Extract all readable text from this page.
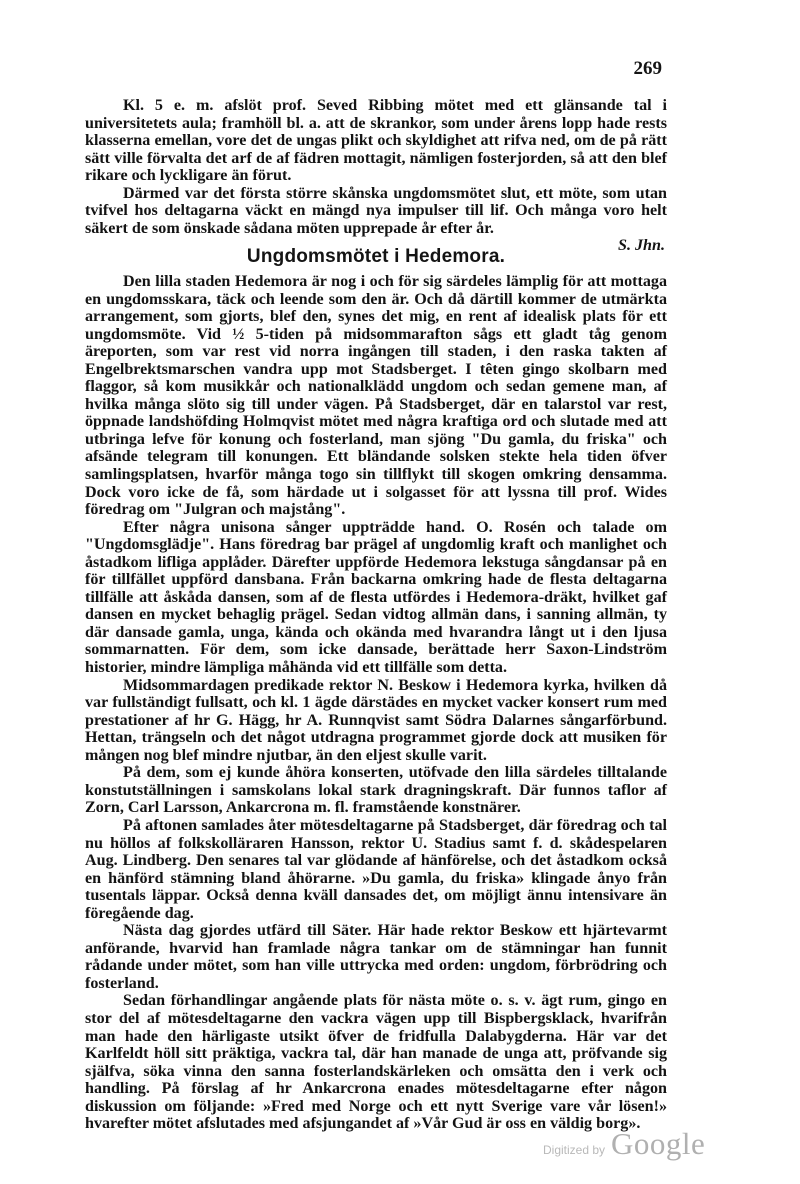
269

Kl. 5 e. m. afslöt prof. Seved Ribbing mötet med ett glänsande tal i universitetets aula; framhöll bl. a. att de skrankor, som under årens lopp hade rests klasserna emellan, vore det de ungas plikt och skyldighet att rifva ned, om de på rätt sätt ville förvalta det arf de af fädren mottagit, nämligen fosterjorden, så att den blef rikare och lyckligare än förut.

Därmed var det första större skånska ungdomsmötet slut, ett möte, som utan tvifvel hos deltagarna väckt en mängd nya impulser till lif. Och många voro helt säkert de som önskade sådana möten upprepade år efter år.

S. Jhn.
Ungdomsmötet i Hedemora.

Den lilla staden Hedemora är nog i och för sig särdeles lämplig för att mottaga en ungdomsskara, täck och leende som den är. Och då därtill kommer de utmärkta arrangement, som gjorts, blef den, synes det mig, en rent af idealisk plats för ett ungdomsmöte. Vid ½ 5-tiden på midsommarafton sågs ett gladt tåg genom äreporten, som var rest vid norra ingången till staden, i den raska takten af Engelbrektsmarschen vandra upp mot Stadsberget. I têten gingo skolbarn med flaggor, så kom musikkår och nationalklädd ungdom och sedan gemene man, af hvilka många slöto sig till under vägen. På Stadsberget, där en talarstol var rest, öppnade landshöfding Holmqvist mötet med några kraftiga ord och slutade med att utbringa lefve för konung och fosterland, man sjöng "Du gamla, du friska" och afsände telegram till konungen. Ett bländande solsken stekte hela tiden öfver samlingsplatsen, hvarför många togo sin tillflykt till skogen omkring densamma. Dock voro icke de få, som härdade ut i solgasset för att lyssna till prof. Wides föredrag om "Julgran och majstång".

Efter några unisona sånger uppträdde hand. O. Rosén och talade om "Ungdomsglädje". Hans föredrag bar prägel af ungdomlig kraft och manlighet och åstadkom lifliga applåder. Därefter uppförde Hedemora lekstuga sångdansar på en för tillfället uppförd dansbana. Från backarna omkring hade de flesta deltagarna tillfälle att åskåda dansen, som af de flesta utfördes i Hedemora-dräkt, hvilket gaf dansen en mycket behaglig prägel. Sedan vidtog allmän dans, i sanning allmän, ty där dansade gamla, unga, kända och okända med hvarandra långt ut i den ljusa sommarnatten. För dem, som icke dansade, berättade herr Saxon-Lindström historier, mindre lämpliga måhända vid ett tillfälle som detta.

Midsommardagen predikade rektor N. Beskow i Hedemora kyrka, hvilken då var fullständigt fullsatt, och kl. 1 ägde därstädes en mycket vacker konsert rum med prestationer af hr G. Hägg, hr A. Runnqvist samt Södra Dalarnes sångarförbund. Hettan, trängseln och det något utdragna programmet gjorde dock att musiken för mången nog blef mindre njutbar, än den eljest skulle varit.

På dem, som ej kunde åhöra konserten, utöfvade den lilla särdeles tilltalande konstutställningen i samskolans lokal stark dragningskraft. Där funnos taflor af Zorn, Carl Larsson, Ankarcrona m. fl. framstående konstnärer.

På aftonen samlades åter mötesdeltagarne på Stadsberget, där föredrag och tal nu höllos af folkskolläraren Hansson, rektor U. Stadius samt f. d. skådespelaren Aug. Lindberg. Den senares tal var glödande af hänförelse, och det åstadkom också en hänförd stämning bland åhörarne. »Du gamla, du friska» klingade ånyo från tusentals läppar. Också denna kväll dansades det, om möjligt ännu intensivare än föregående dag.

Nästa dag gjordes utfärd till Säter. Här hade rektor Beskow ett hjärtevarmt anförande, hvarvid han framlade några tankar om de stämningar han funnit rådande under mötet, som han ville uttrycka med orden: ungdom, förbrödring och fosterland.

Sedan förhandlingar angående plats för nästa möte o. s. v. ägt rum, gingo en stor del af mötesdeltagarne den vackra vägen upp till Bispbergsklack, hvarifrån man hade den härligaste utsikt öfver de fridfulla Dalabygderna. Här var det Karlfeldt höll sitt präktiga, vackra tal, där han manade de unga att, pröfvande sig själfva, söka vinna den sanna fosterlandskärleken och omsätta den i verk och handling. På förslag af hr Ankarcrona enades mötesdeltagarne efter någon diskussion om följande: »Fred med Norge och ett nytt Sverige vare vår lösen!» hvarefter mötet afslutades med afsjungandet af »Vår Gud är oss en väldig borg».

Digitized by Google
